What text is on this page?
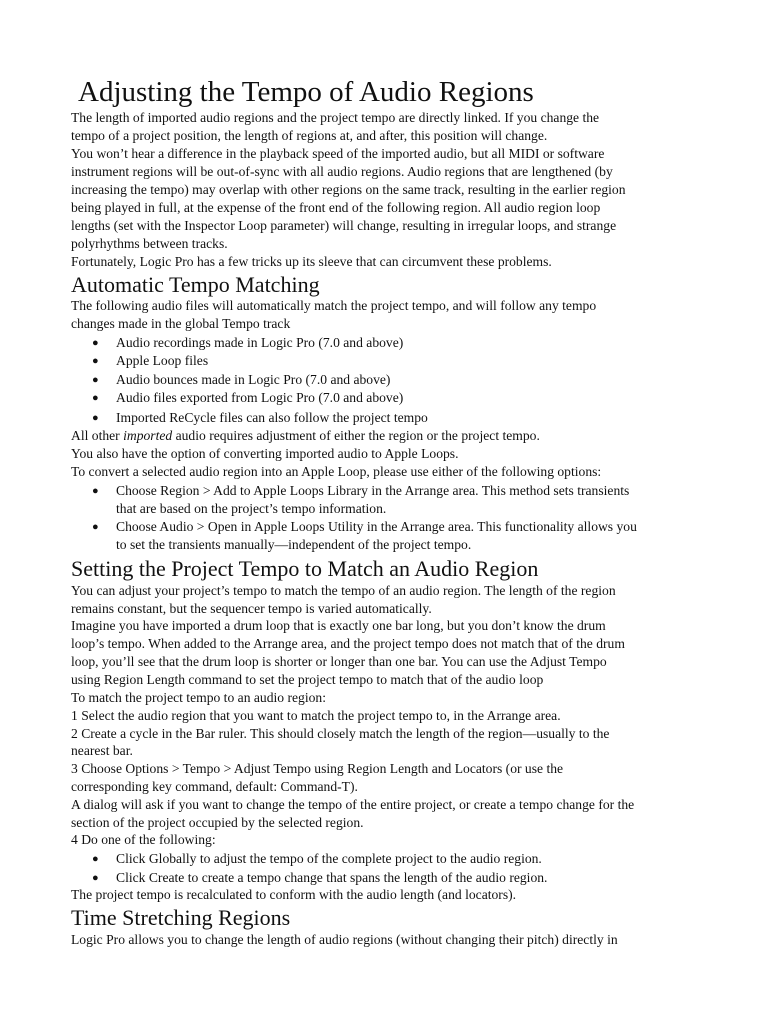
Adjusting the Tempo of Audio Regions
The length of imported audio regions and the project tempo are directly linked. If you change the
tempo of a project position, the length of regions at, and after, this position will change.
You won’t hear a difference in the playback speed of the imported audio, but all MIDI or software
instrument regions will be out-of-sync with all audio regions. Audio regions that are lengthened (by
increasing the tempo) may overlap with other regions on the same track, resulting in the earlier region
being played in full, at the expense of the front end of the following region. All audio region loop
lengths (set with the Inspector Loop parameter) will change, resulting in irregular loops, and strange
polyrhythms between tracks.
Fortunately, Logic Pro has a few tricks up its sleeve that can circumvent these problems.
Automatic Tempo Matching
The following audio files will automatically match the project tempo, and will follow any tempo
changes made in the global Tempo track
● Audio recordings made in Logic Pro (7.0 and above)
● Apple Loop files
● Audio bounces made in Logic Pro (7.0 and above)
● Audio files exported from Logic Pro (7.0 and above)
● Imported ReCycle files can also follow the project tempo
All other imported audio requires adjustment of either the region or the project tempo.
You also have the option of converting imported audio to Apple Loops.
To convert a selected audio region into an Apple Loop, please use either of the following options:
● Choose Region > Add to Apple Loops Library in the Arrange area. This method sets transients
that are based on the project’s tempo information.
● Choose Audio > Open in Apple Loops Utility in the Arrange area. This functionality allows you
to set the transients manually—independent of the project tempo.
Setting the Project Tempo to Match an Audio Region
You can adjust your project’s tempo to match the tempo of an audio region. The length of the region
remains constant, but the sequencer tempo is varied automatically.
Imagine you have imported a drum loop that is exactly one bar long, but you don’t know the drum
loop’s tempo. When added to the Arrange area, and the project tempo does not match that of the drum
loop, you’ll see that the drum loop is shorter or longer than one bar. You can use the Adjust Tempo
using Region Length command to set the project tempo to match that of the audio loop
To match the project tempo to an audio region:
1 Select the audio region that you want to match the project tempo to, in the Arrange area.
2 Create a cycle in the Bar ruler. This should closely match the length of the region—usually to the
nearest bar.
3 Choose Options > Tempo > Adjust Tempo using Region Length and Locators (or use the
corresponding key command, default: Command-T).
A dialog will ask if you want to change the tempo of the entire project, or create a tempo change for the
section of the project occupied by the selected region.
4 Do one of the following:
● Click Globally to adjust the tempo of the complete project to the audio region.
● Click Create to create a tempo change that spans the length of the audio region.
The project tempo is recalculated to conform with the audio length (and locators).
Time Stretching Regions
Logic Pro allows you to change the length of audio regions (without changing their pitch) directly in
